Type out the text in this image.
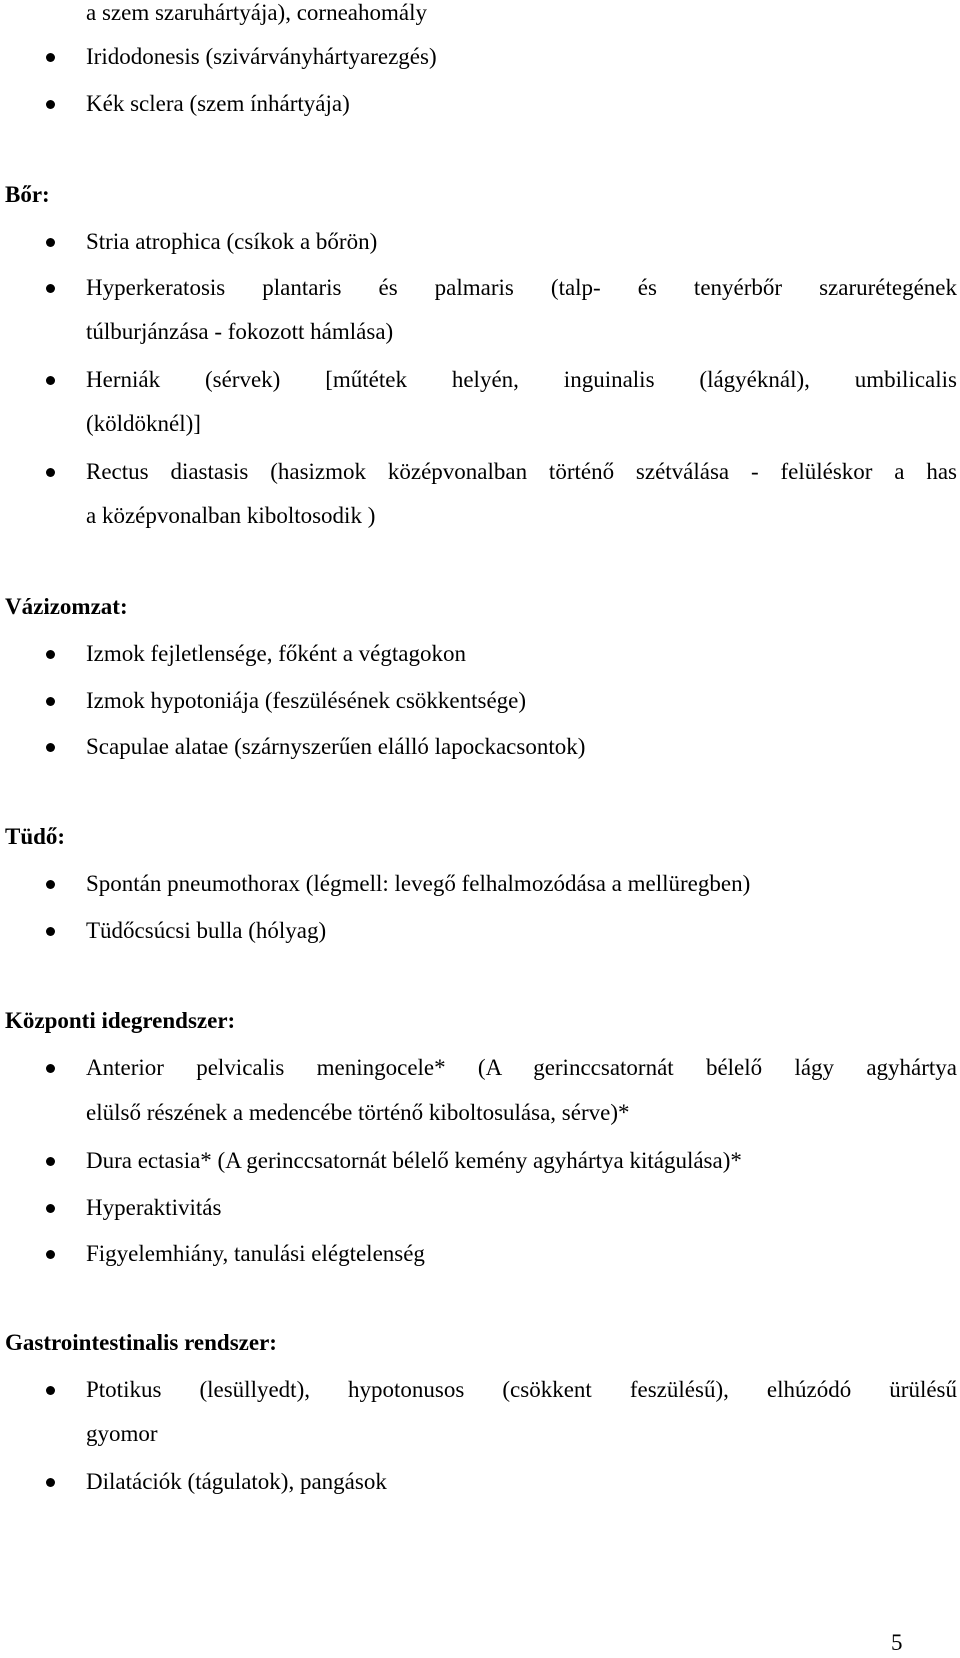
a szem szaruhártyája), corneahomály
Iridodonesis (szivárványhártyarezgés)
Kék sclera (szem ínhártyája)
Bőr:
Stria atrophica (csíkok a bőrön)
Hyperkeratosis plantaris és palmaris (talp- és tenyérbőr szarurétegének
túlburjánzása - fokozott hámlása)
Herniák (sérvek) [műtétek helyén, inguinalis (lágyéknál), umbilicalis
(köldöknél)]
Rectus diastasis (hasizmok középvonalban történő szétválása - felüléskor a has
a középvonalban kiboltosodik )
Vázizomzat:
Izmok fejletlensége, főként a végtagokon
Izmok hypotoniája (feszülésének csökkentsége)
Scapulae alatae (szárnyszerűen elálló lapockacsontok)
Tüdő:
Spontán pneumothorax (légmell: levegő felhalmozódása a mellüregben)
Tüdőcsúcsi bulla (hólyag)
Központi idegrendszer:
Anterior pelvicalis meningocele* (A gerinccsatornát bélelő lágy agyhártya
elülső részének a medencébe történő kiboltosulása, sérve)*
Dura ectasia* (A gerinccsatornát bélelő kemény agyhártya kitágulása)*
Hyperaktivitás
Figyelemhiány, tanulási elégtelenség
Gastrointestinalis rendszer:
Ptotikus (lesüllyedt), hypotonusos (csökkent feszülésű), elhúzódó ürülésű
gyomor
Dilatációk (tágulatok), pangások
5
